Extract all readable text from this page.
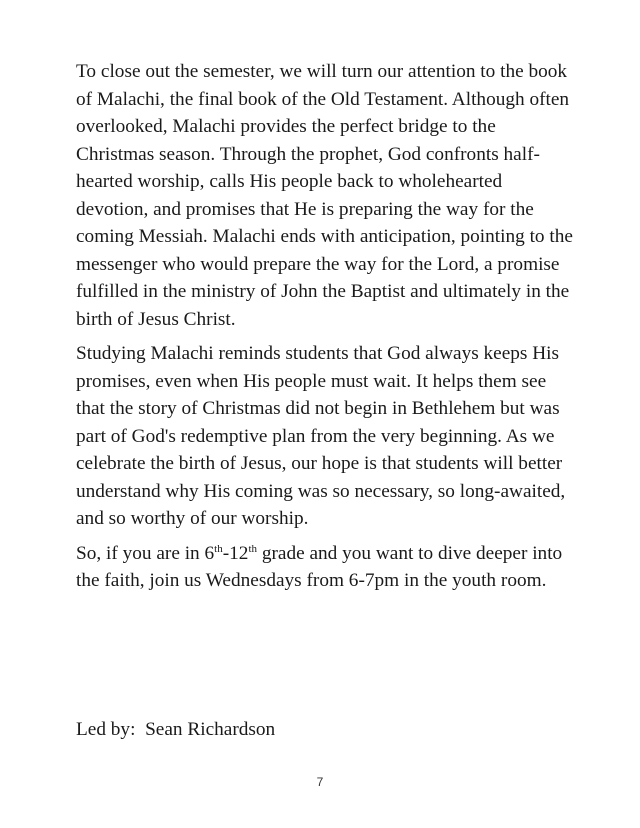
To close out the semester, we will turn our attention to the book of Malachi, the final book of the Old Testament. Although often overlooked, Malachi provides the perfect bridge to the Christmas season. Through the prophet, God confronts half-hearted worship, calls His people back to wholehearted devotion, and promises that He is preparing the way for the coming Messiah. Malachi ends with anticipation, pointing to the messenger who would prepare the way for the Lord, a promise fulfilled in the ministry of John the Baptist and ultimately in the birth of Jesus Christ.

Studying Malachi reminds students that God always keeps His promises, even when His people must wait. It helps them see that the story of Christmas did not begin in Bethlehem but was part of God's redemptive plan from the very beginning. As we celebrate the birth of Jesus, our hope is that students will better understand why His coming was so necessary, so long-awaited, and so worthy of our worship.

So, if you are in 6th-12th grade and you want to dive deeper into the faith, join us Wednesdays from 6-7pm in the youth room.

Led by:  Sean Richardson
7
